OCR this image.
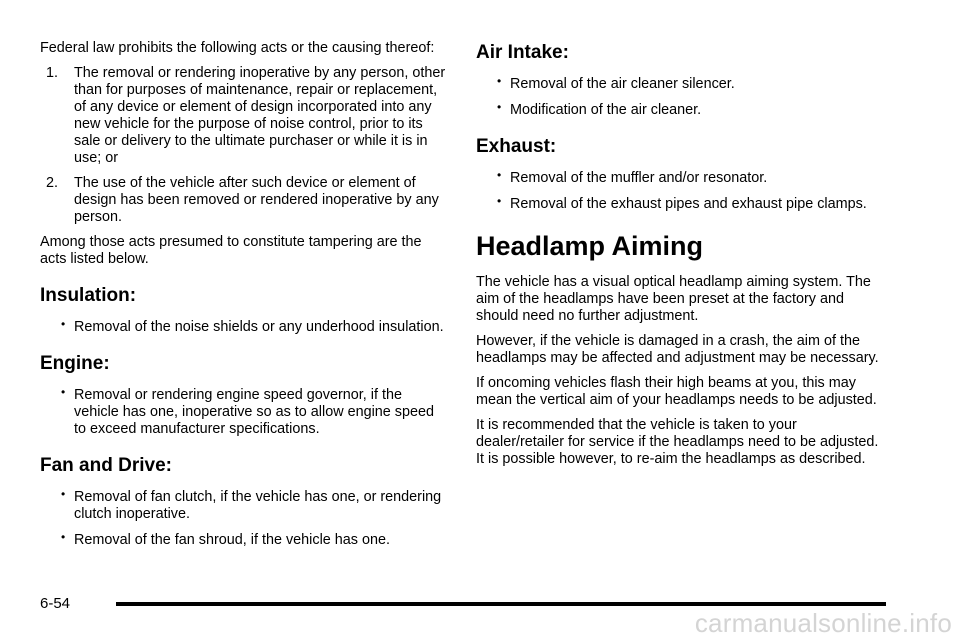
Federal law prohibits the following acts or the causing thereof:

1. The removal or rendering inoperative by any person, other than for purposes of maintenance, repair or replacement, of any device or element of design incorporated into any new vehicle for the purpose of noise control, prior to its sale or delivery to the ultimate purchaser or while it is in use; or
2. The use of the vehicle after such device or element of design has been removed or rendered inoperative by any person.

Among those acts presumed to constitute tampering are the acts listed below.

Insulation:
• Removal of the noise shields or any underhood insulation.
Engine:
• Removal or rendering engine speed governor, if the vehicle has one, inoperative so as to allow engine speed to exceed manufacturer specifications.
Fan and Drive:
• Removal of fan clutch, if the vehicle has one, or rendering clutch inoperative.
• Removal of the fan shroud, if the vehicle has one.
Air Intake:
• Removal of the air cleaner silencer.
• Modification of the air cleaner.
Exhaust:
• Removal of the muffler and/or resonator.
• Removal of the exhaust pipes and exhaust pipe clamps.
Headlamp Aiming

The vehicle has a visual optical headlamp aiming system. The aim of the headlamps have been preset at the factory and should need no further adjustment.

However, if the vehicle is damaged in a crash, the aim of the headlamps may be affected and adjustment may be necessary.

If oncoming vehicles flash their high beams at you, this may mean the vertical aim of your headlamps needs to be adjusted.

It is recommended that the vehicle is taken to your dealer/retailer for service if the headlamps need to be adjusted. It is possible however, to re-aim the headlamps as described.

6-54
carmanualsonline.info
